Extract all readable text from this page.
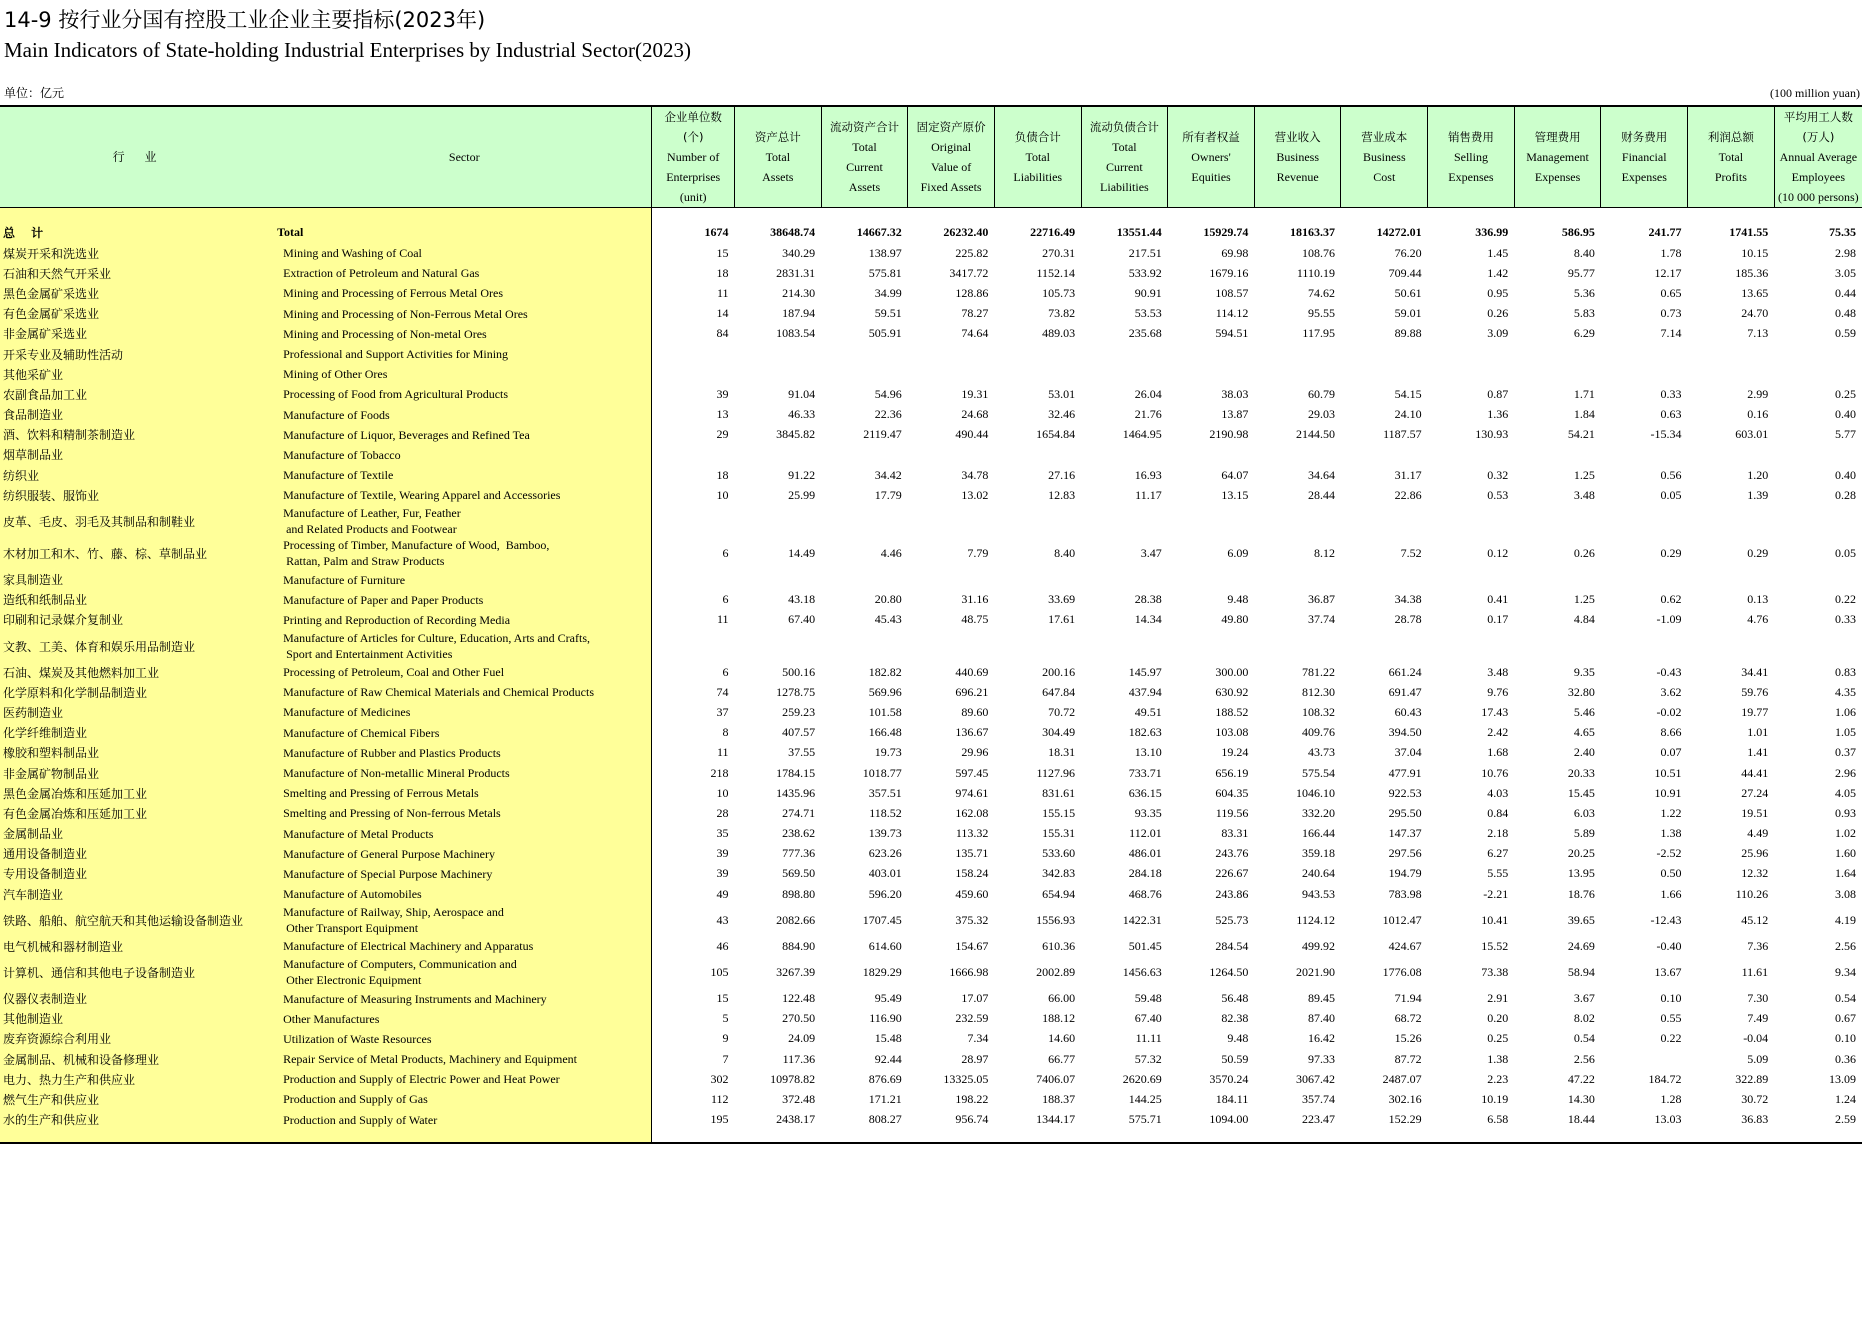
14-9 按行业分国有控股工业企业主要指标(2023年)
Main Indicators of State-holding Industrial Enterprises by Industrial Sector(2023)
单位：亿元	(100 million yuan)
行 业	Sector	企业单位数
(个)
Number of
Enterprises
(unit)	资产总计
Total
Assets	流动资产合计
Total
Current
Assets	固定资产原价
Original
Value of
Fixed Assets	负债合计
Total
Liabilities	流动负债合计
Total
Current
Liabilities	所有者权益
Owners'
Equities	营业收入
Business
Revenue	营业成本
Business
Cost	销售费用
Selling
Expenses	管理费用
Management
Expenses	财务费用
Financial
Expenses	利润总额
Total
Profits	平均用工人数
(万人)
Annual Average
Employees
(10 000 persons)

总 计	Total	1674	38648.74	14667.32	26232.40	22716.49	13551.44	15929.74	18163.37	14272.01	336.99	586.95	241.77	1741.55	75.35
煤炭开采和洗选业	Mining and Washing of Coal	15	340.29	138.97	225.82	270.31	217.51	69.98	108.76	76.20	1.45	8.40	1.78	10.15	2.98
石油和天然气开采业	Extraction of Petroleum and Natural Gas	18	2831.31	575.81	3417.72	1152.14	533.92	1679.16	1110.19	709.44	1.42	95.77	12.17	185.36	3.05
黑色金属矿采选业	Mining and Processing of Ferrous Metal Ores	11	214.30	34.99	128.86	105.73	90.91	108.57	74.62	50.61	0.95	5.36	0.65	13.65	0.44
有色金属矿采选业	Mining and Processing of Non-Ferrous Metal Ores	14	187.94	59.51	78.27	73.82	53.53	114.12	95.55	59.01	0.26	5.83	0.73	24.70	0.48
非金属矿采选业	Mining and Processing of Non-metal Ores	84	1083.54	505.91	74.64	489.03	235.68	594.51	117.95	89.88	3.09	6.29	7.14	7.13	0.59
开采专业及辅助性活动	Professional and Support Activities for Mining														

其他采矿业	Mining of Other Ores														

农副食品加工业	Processing of Food from Agricultural Products	39	91.04	54.96	19.31	53.01	26.04	38.03	60.79	54.15	0.87	1.71	0.33	2.99	0.25
食品制造业	Manufacture of Foods	13	46.33	22.36	24.68	32.46	21.76	13.87	29.03	24.10	1.36	1.84	0.63	0.16	0.40
酒、饮料和精制茶制造业	Manufacture of Liquor, Beverages and Refined Tea	29	3845.82	2119.47	490.44	1654.84	1464.95	2190.98	2144.50	1187.57	130.93	54.21	-15.34	603.01	5.77
烟草制品业	Manufacture of Tobacco														

纺织业	Manufacture of Textile	18	91.22	34.42	34.78	27.16	16.93	64.07	34.64	31.17	0.32	1.25	0.56	1.20	0.40
纺织服装、服饰业	Manufacture of Textile, Wearing Apparel and Accessories	10	25.99	17.79	13.02	12.83	11.17	13.15	28.44	22.86	0.53	3.48	0.05	1.39	0.28
皮革、毛皮、羽毛及其制品和制鞋业	Manufacture of Leather, Fur, Feather
and Related Products and Footwear														

木材加工和木、竹、藤、棕、草制品业	Processing of Timber, Manufacture of Wood,  Bamboo,
Rattan, Palm and Straw Products	6	14.49	4.46	7.79	8.40	3.47	6.09	8.12	7.52	0.12	0.26	0.29	0.29	0.05
家具制造业	Manufacture of Furniture														

造纸和纸制品业	Manufacture of Paper and Paper Products	6	43.18	20.80	31.16	33.69	28.38	9.48	36.87	34.38	0.41	1.25	0.62	0.13	0.22
印刷和记录媒介复制业	Printing and Reproduction of Recording Media	11	67.40	45.43	48.75	17.61	14.34	49.80	37.74	28.78	0.17	4.84	-1.09	4.76	0.33
文教、工美、体育和娱乐用品制造业	Manufacture of Articles for Culture, Education, Arts and Crafts,
Sport and Entertainment Activities														

石油、煤炭及其他燃料加工业	Processing of Petroleum, Coal and Other Fuel	6	500.16	182.82	440.69	200.16	145.97	300.00	781.22	661.24	3.48	9.35	-0.43	34.41	0.83
化学原料和化学制品制造业	Manufacture of Raw Chemical Materials and Chemical Products	74	1278.75	569.96	696.21	647.84	437.94	630.92	812.30	691.47	9.76	32.80	3.62	59.76	4.35
医药制造业	Manufacture of Medicines	37	259.23	101.58	89.60	70.72	49.51	188.52	108.32	60.43	17.43	5.46	-0.02	19.77	1.06
化学纤维制造业	Manufacture of Chemical Fibers	8	407.57	166.48	136.67	304.49	182.63	103.08	409.76	394.50	2.42	4.65	8.66	1.01	1.05
橡胶和塑料制品业	Manufacture of Rubber and Plastics Products	11	37.55	19.73	29.96	18.31	13.10	19.24	43.73	37.04	1.68	2.40	0.07	1.41	0.37
非金属矿物制品业	Manufacture of Non-metallic Mineral Products	218	1784.15	1018.77	597.45	1127.96	733.71	656.19	575.54	477.91	10.76	20.33	10.51	44.41	2.96
黑色金属冶炼和压延加工业	Smelting and Pressing of Ferrous Metals	10	1435.96	357.51	974.61	831.61	636.15	604.35	1046.10	922.53	4.03	15.45	10.91	27.24	4.05
有色金属冶炼和压延加工业	Smelting and Pressing of Non-ferrous Metals	28	274.71	118.52	162.08	155.15	93.35	119.56	332.20	295.50	0.84	6.03	1.22	19.51	0.93
金属制品业	Manufacture of Metal Products	35	238.62	139.73	113.32	155.31	112.01	83.31	166.44	147.37	2.18	5.89	1.38	4.49	1.02
通用设备制造业	Manufacture of General Purpose Machinery	39	777.36	623.26	135.71	533.60	486.01	243.76	359.18	297.56	6.27	20.25	-2.52	25.96	1.60
专用设备制造业	Manufacture of Special Purpose Machinery	39	569.50	403.01	158.24	342.83	284.18	226.67	240.64	194.79	5.55	13.95	0.50	12.32	1.64
汽车制造业	Manufacture of Automobiles	49	898.80	596.20	459.60	654.94	468.76	243.86	943.53	783.98	-2.21	18.76	1.66	110.26	3.08
铁路、船舶、航空航天和其他运输设备制造业	Manufacture of Railway, Ship, Aerospace and
Other Transport Equipment	43	2082.66	1707.45	375.32	1556.93	1422.31	525.73	1124.12	1012.47	10.41	39.65	-12.43	45.12	4.19
电气机械和器材制造业	Manufacture of Electrical Machinery and Apparatus	46	884.90	614.60	154.67	610.36	501.45	284.54	499.92	424.67	15.52	24.69	-0.40	7.36	2.56
计算机、通信和其他电子设备制造业	Manufacture of Computers, Communication and
Other Electronic Equipment	105	3267.39	1829.29	1666.98	2002.89	1456.63	1264.50	2021.90	1776.08	73.38	58.94	13.67	11.61	9.34
仪器仪表制造业	Manufacture of Measuring Instruments and Machinery	15	122.48	95.49	17.07	66.00	59.48	56.48	89.45	71.94	2.91	3.67	0.10	7.30	0.54
其他制造业	Other Manufactures	5	270.50	116.90	232.59	188.12	67.40	82.38	87.40	68.72	0.20	8.02	0.55	7.49	0.67
废弃资源综合利用业	Utilization of Waste Resources	9	24.09	15.48	7.34	14.60	11.11	9.48	16.42	15.26	0.25	0.54	0.22	-0.04	0.10
金属制品、机械和设备修理业	Repair Service of Metal Products, Machinery and Equipment	7	117.36	92.44	28.97	66.77	57.32	50.59	97.33	87.72	1.38	2.56		5.09	0.36
电力、热力生产和供应业	Production and Supply of Electric Power and Heat Power	302	10978.82	876.69	13325.05	7406.07	2620.69	3570.24	3067.42	2487.07	2.23	47.22	184.72	322.89	13.09
燃气生产和供应业	Production and Supply of Gas	112	372.48	171.21	198.22	188.37	144.25	184.11	357.74	302.16	10.19	14.30	1.28	30.72	1.24
水的生产和供应业	Production and Supply of Water	195	2438.17	808.27	956.74	1344.17	575.71	1094.00	223.47	152.29	6.58	18.44	13.03	36.83	2.59
